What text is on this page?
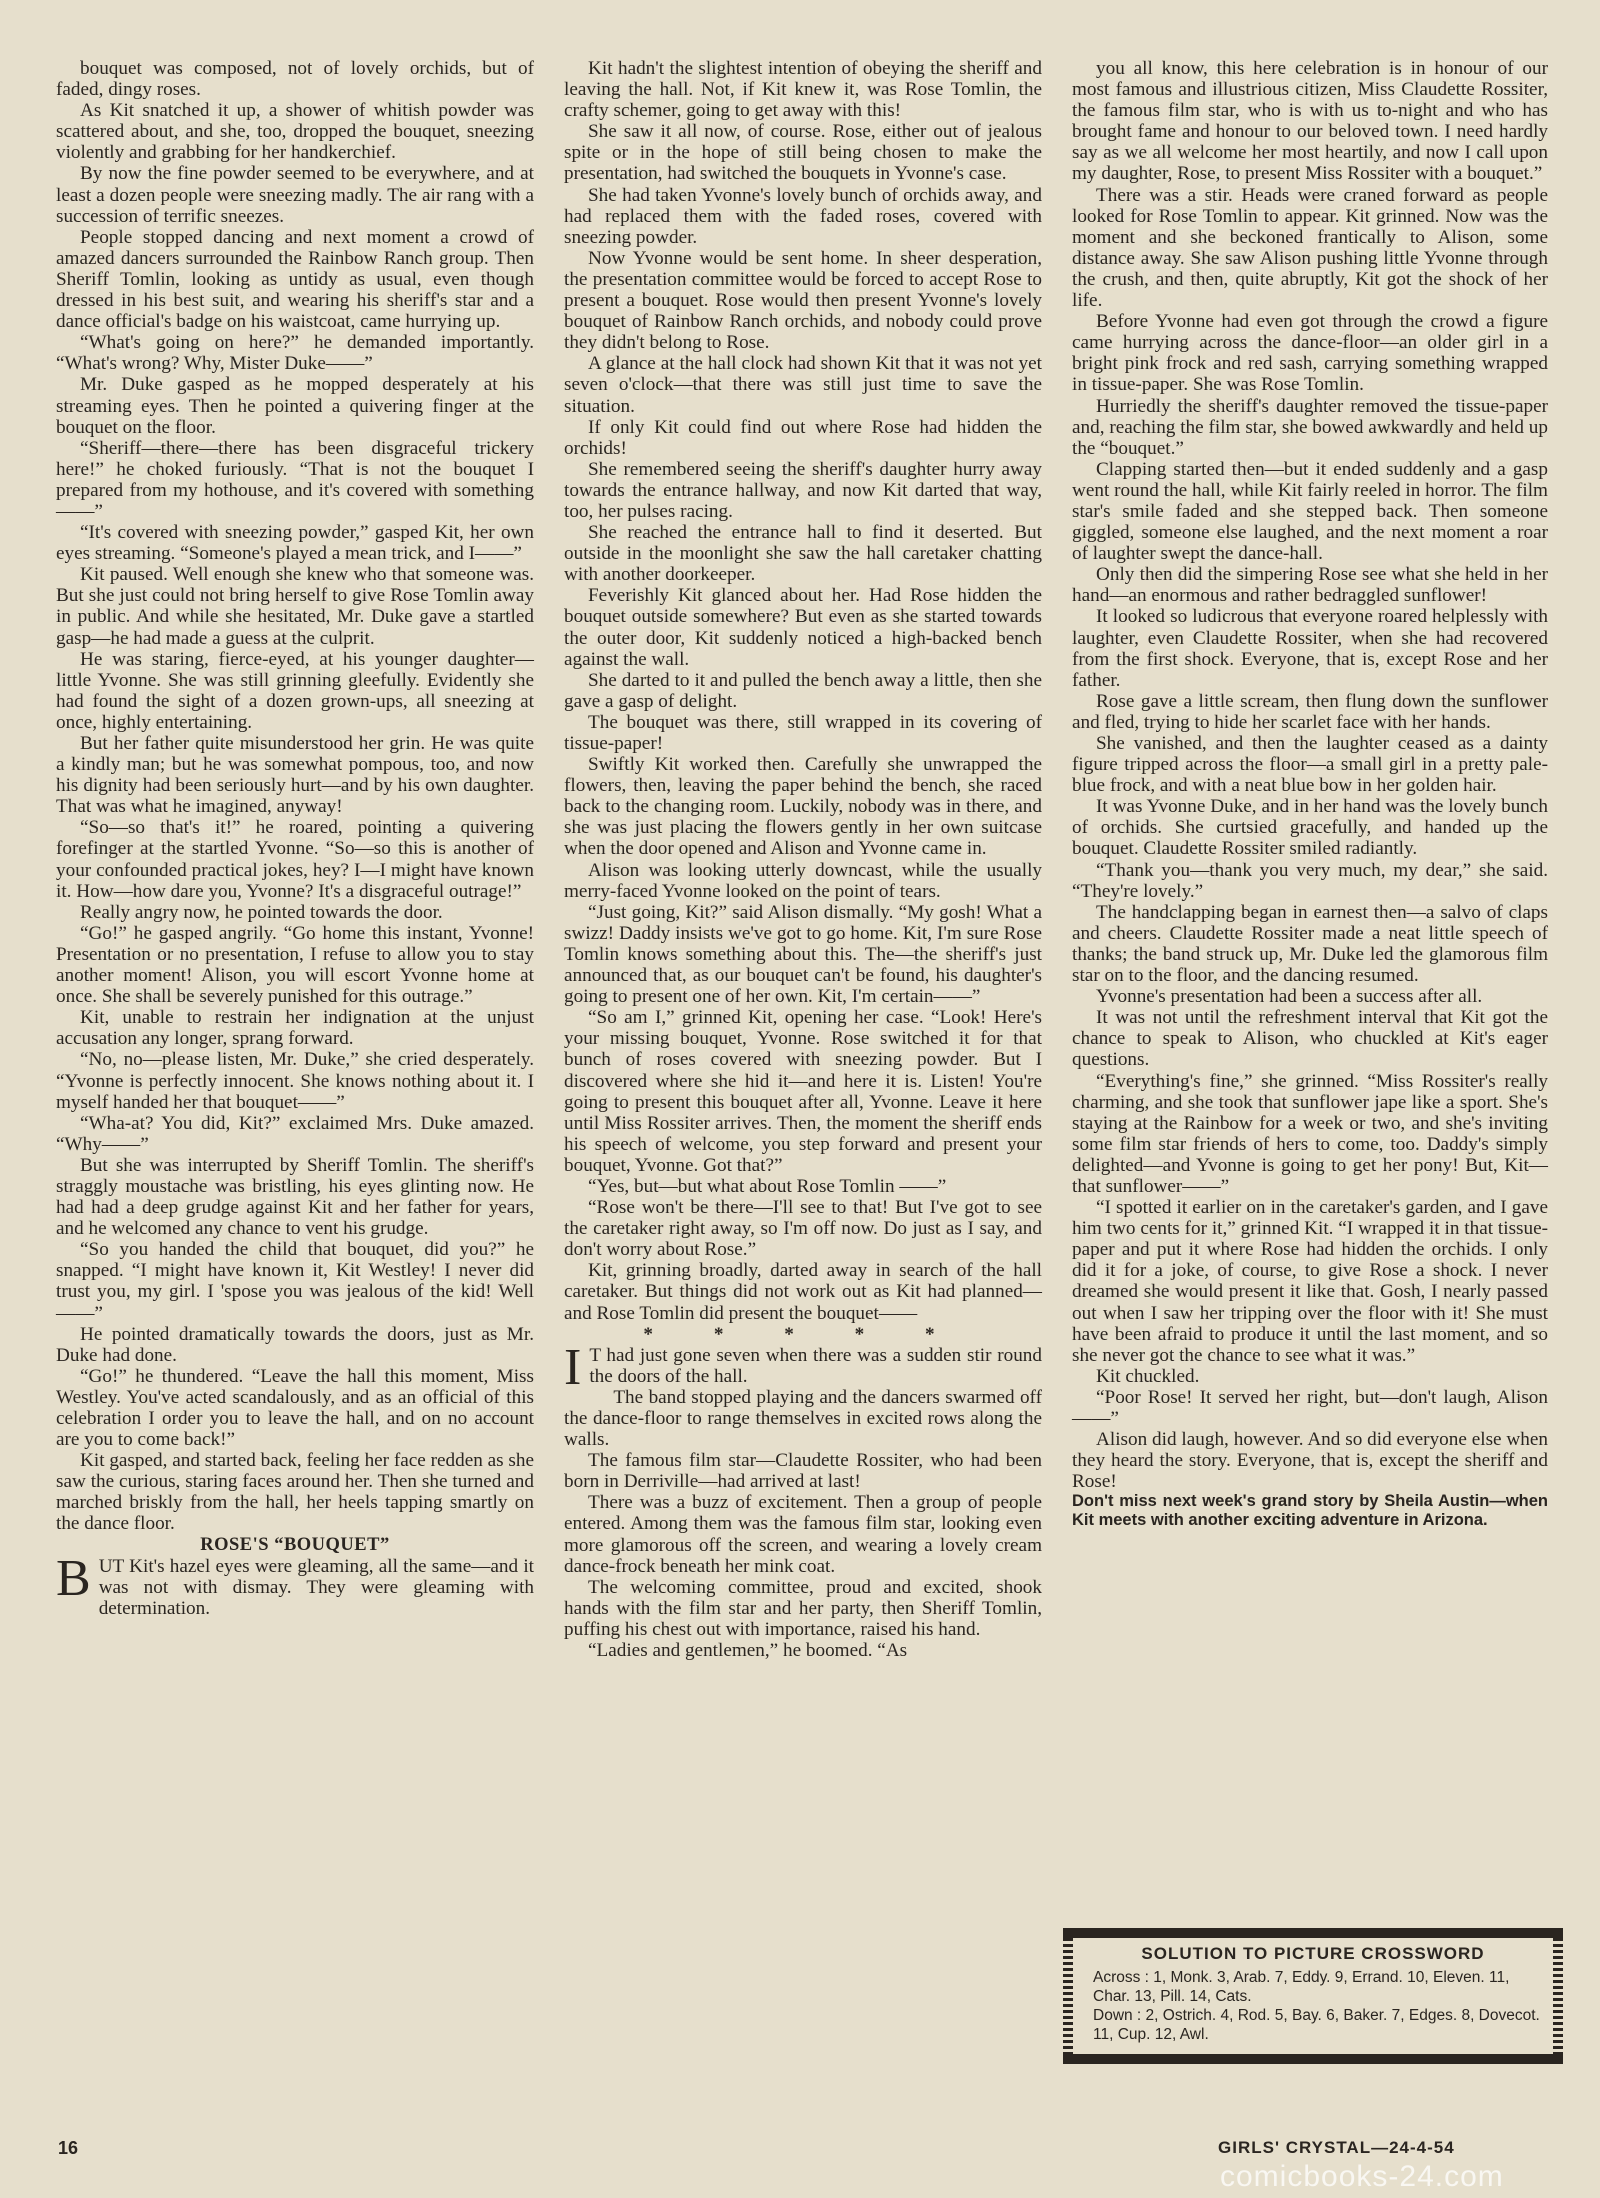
bouquet was composed, not of lovely orchids, but of faded, dingy roses.

As Kit snatched it up, a shower of whitish powder was scattered about, and she, too, dropped the bouquet, sneezing violently and grabbing for her handkerchief.

By now the fine powder seemed to be everywhere, and at least a dozen people were sneezing madly. The air rang with a succession of terrific sneezes.

People stopped dancing and next moment a crowd of amazed dancers surrounded the Rainbow Ranch group. Then Sheriff Tomlin, looking as untidy as usual, even though dressed in his best suit, and wearing his sheriff's star and a dance official's badge on his waistcoat, came hurrying up.

“What's going on here?” he demanded importantly. “What's wrong? Why, Mister Duke——”

Mr. Duke gasped as he mopped desperately at his streaming eyes. Then he pointed a quivering finger at the bouquet on the floor.

“Sheriff—there—there has been disgraceful trickery here!” he choked furiously. “That is not the bouquet I prepared from my hothouse, and it's covered with something——”

“It's covered with sneezing powder,” gasped Kit, her own eyes streaming. “Someone's played a mean trick, and I——”

Kit paused. Well enough she knew who that someone was. But she just could not bring herself to give Rose Tomlin away in public. And while she hesitated, Mr. Duke gave a startled gasp—he had made a guess at the culprit.

He was staring, fierce-eyed, at his younger daughter—little Yvonne. She was still grinning gleefully. Evidently she had found the sight of a dozen grown-ups, all sneezing at once, highly entertaining.

But her father quite misunderstood her grin. He was quite a kindly man; but he was somewhat pompous, too, and now his dignity had been seriously hurt—and by his own daughter. That was what he imagined, anyway!

“So—so that's it!” he roared, pointing a quivering forefinger at the startled Yvonne. “So—so this is another of your confounded practical jokes, hey? I—I might have known it. How—how dare you, Yvonne? It's a disgraceful outrage!”

Really angry now, he pointed towards the door.

“Go!” he gasped angrily. “Go home this instant, Yvonne! Presentation or no presentation, I refuse to allow you to stay another moment! Alison, you will escort Yvonne home at once. She shall be severely punished for this outrage.”

Kit, unable to restrain her indignation at the unjust accusation any longer, sprang forward.

“No, no—please listen, Mr. Duke,” she cried desperately. “Yvonne is perfectly innocent. She knows nothing about it. I myself handed her that bouquet——”

“Wha-at? You did, Kit?” exclaimed Mrs. Duke amazed. “Why——”

But she was interrupted by Sheriff Tomlin. The sheriff's straggly moustache was bristling, his eyes glinting now. He had had a deep grudge against Kit and her father for years, and he welcomed any chance to vent his grudge.

“So you handed the child that bouquet, did you?” he snapped. “I might have known it, Kit Westley! I never did trust you, my girl. I 'spose you was jealous of the kid! Well——”

He pointed dramatically towards the doors, just as Mr. Duke had done.

“Go!” he thundered. “Leave the hall this moment, Miss Westley. You've acted scandalously, and as an official of this celebration I order you to leave the hall, and on no account are you to come back!”

Kit gasped, and started back, feeling her face redden as she saw the curious, staring faces around her. Then she turned and marched briskly from the hall, her heels tapping smartly on the dance floor.

ROSE'S “BOUQUET”

BUT Kit's hazel eyes were gleaming, all the same—and it was not with dismay. They were gleaming with determination.

Kit hadn't the slightest intention of obeying the sheriff and leaving the hall. Not, if Kit knew it, was Rose Tomlin, the crafty schemer, going to get away with this!

She saw it all now, of course. Rose, either out of jealous spite or in the hope of still being chosen to make the presentation, had switched the bouquets in Yvonne's case.

She had taken Yvonne's lovely bunch of orchids away, and had replaced them with the faded roses, covered with sneezing powder.

Now Yvonne would be sent home. In sheer desperation, the presentation committee would be forced to accept Rose to present a bouquet. Rose would then present Yvonne's lovely bouquet of Rainbow Ranch orchids, and nobody could prove they didn't belong to Rose.

A glance at the hall clock had shown Kit that it was not yet seven o'clock—that there was still just time to save the situation.

If only Kit could find out where Rose had hidden the orchids!

She remembered seeing the sheriff's daughter hurry away towards the entrance hallway, and now Kit darted that way, too, her pulses racing.

She reached the entrance hall to find it deserted. But outside in the moonlight she saw the hall caretaker chatting with another doorkeeper.

Feverishly Kit glanced about her. Had Rose hidden the bouquet outside somewhere? But even as she started towards the outer door, Kit suddenly noticed a high-backed bench against the wall.

She darted to it and pulled the bench away a little, then she gave a gasp of delight.

The bouquet was there, still wrapped in its covering of tissue-paper!

Swiftly Kit worked then. Carefully she unwrapped the flowers, then, leaving the paper behind the bench, she raced back to the changing room. Luckily, nobody was in there, and she was just placing the flowers gently in her own suitcase when the door opened and Alison and Yvonne came in.

Alison was looking utterly downcast, while the usually merry-faced Yvonne looked on the point of tears.

“Just going, Kit?” said Alison dismally. “My gosh! What a swizz! Daddy insists we've got to go home. Kit, I'm sure Rose Tomlin knows something about this. The—the sheriff's just announced that, as our bouquet can't be found, his daughter's going to present one of her own. Kit, I'm certain——”

“So am I,” grinned Kit, opening her case. “Look! Here's your missing bouquet, Yvonne. Rose switched it for that bunch of roses covered with sneezing powder. But I discovered where she hid it—and here it is. Listen! You're going to present this bouquet after all, Yvonne. Leave it here until Miss Rossiter arrives. Then, the moment the sheriff ends his speech of welcome, you step forward and present your bouquet, Yvonne. Got that?”

“Yes, but—but what about Rose Tomlin ——”

“Rose won't be there—I'll see to that! But I've got to see the caretaker right away, so I'm off now. Do just as I say, and don't worry about Rose.”

Kit, grinning broadly, darted away in search of the hall caretaker. But things did not work out as Kit had planned—and Rose Tomlin did present the bouquet——

* * * * *

I T had just gone seven when there was a sudden stir round the doors of the hall.

The band stopped playing and the dancers swarmed off the dance-floor to range themselves in excited rows along the walls.

The famous film star—Claudette Rossiter, who had been born in Derriville—had arrived at last!

There was a buzz of excitement. Then a group of people entered. Among them was the famous film star, looking even more glamorous off the screen, and wearing a lovely cream dance-frock beneath her mink coat.

The welcoming committee, proud and excited, shook hands with the film star and her party, then Sheriff Tomlin, puffing his chest out with importance, raised his hand.

“Ladies and gentlemen,” he boomed. “As

you all know, this here celebration is in honour of our most famous and illustrious citizen, Miss Claudette Rossiter, the famous film star, who is with us to-night and who has brought fame and honour to our beloved town. I need hardly say as we all welcome her most heartily, and now I call upon my daughter, Rose, to present Miss Rossiter with a bouquet.”

There was a stir. Heads were craned forward as people looked for Rose Tomlin to appear. Kit grinned. Now was the moment and she beckoned frantically to Alison, some distance away. She saw Alison pushing little Yvonne through the crush, and then, quite abruptly, Kit got the shock of her life.

Before Yvonne had even got through the crowd a figure came hurrying across the dance-floor—an older girl in a bright pink frock and red sash, carrying something wrapped in tissue-paper. She was Rose Tomlin.

Hurriedly the sheriff's daughter removed the tissue-paper and, reaching the film star, she bowed awkwardly and held up the “bouquet.”

Clapping started then—but it ended suddenly and a gasp went round the hall, while Kit fairly reeled in horror. The film star's smile faded and she stepped back. Then someone giggled, someone else laughed, and the next moment a roar of laughter swept the dance-hall.

Only then did the simpering Rose see what she held in her hand—an enormous and rather bedraggled sunflower!

It looked so ludicrous that everyone roared helplessly with laughter, even Claudette Rossiter, when she had recovered from the first shock. Everyone, that is, except Rose and her father.

Rose gave a little scream, then flung down the sunflower and fled, trying to hide her scarlet face with her hands.

She vanished, and then the laughter ceased as a dainty figure tripped across the floor—a small girl in a pretty pale-blue frock, and with a neat blue bow in her golden hair.

It was Yvonne Duke, and in her hand was the lovely bunch of orchids. She curtsied gracefully, and handed up the bouquet. Claudette Rossiter smiled radiantly.

“Thank you—thank you very much, my dear,” she said. “They're lovely.”

The handclapping began in earnest then—a salvo of claps and cheers. Claudette Rossiter made a neat little speech of thanks; the band struck up, Mr. Duke led the glamorous film star on to the floor, and the dancing resumed.

Yvonne's presentation had been a success after all.

It was not until the refreshment interval that Kit got the chance to speak to Alison, who chuckled at Kit's eager questions.

“Everything's fine,” she grinned. “Miss Rossiter's really charming, and she took that sunflower jape like a sport. She's staying at the Rainbow for a week or two, and she's inviting some film star friends of hers to come, too. Daddy's simply delighted—and Yvonne is going to get her pony! But, Kit—that sunflower——”

“I spotted it earlier on in the caretaker's garden, and I gave him two cents for it,” grinned Kit. “I wrapped it in that tissue-paper and put it where Rose had hidden the orchids. I only did it for a joke, of course, to give Rose a shock. I never dreamed she would present it like that. Gosh, I nearly passed out when I saw her tripping over the floor with it! She must have been afraid to produce it until the last moment, and so she never got the chance to see what it was.”

Kit chuckled.

“Poor Rose! It served her right, but—don't laugh, Alison——”

Alison did laugh, however. And so did everyone else when they heard the story. Everyone, that is, except the sheriff and Rose!

Don't miss next week's grand story by Sheila Austin—when Kit meets with another exciting adventure in Arizona.

SOLUTION TO PICTURE CROSSWORD
Across : 1, Monk. 3, Arab. 7, Eddy. 9, Errand. 10, Eleven. 11, Char. 13, Pill. 14, Cats.
Down : 2, Ostrich. 4, Rod. 5, Bay. 6, Baker. 7, Edges. 8, Dovecot. 11, Cup. 12, Awl.
16	GIRLS' CRYSTAL—24-4-54
comicbooks-24.com
